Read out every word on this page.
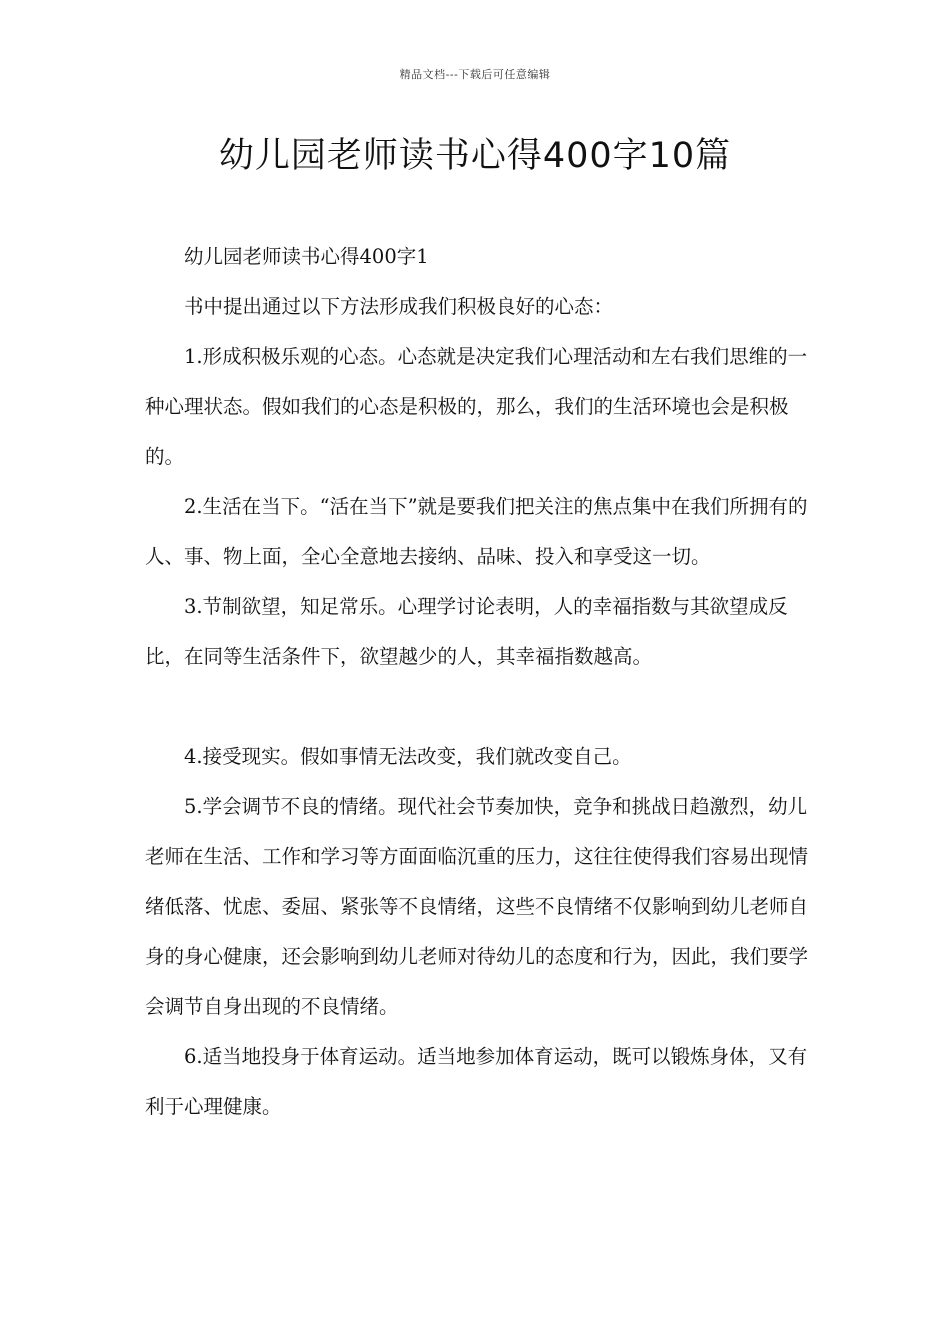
精品文档---下载后可任意编辑
幼儿园老师读书心得400字10篇

幼儿园老师读书心得400字1

书中提出通过以下方法形成我们积极良好的心态：

1.形成积极乐观的心态。心态就是决定我们心理活动和左右我们思维的一种心理状态。假如我们的心态是积极的，那么，我们的生活环境也会是积极的。

2.生活在当下。“活在当下”就是要我们把关注的焦点集中在我们所拥有的人、事、物上面，全心全意地去接纳、品味、投入和享受这一切。

3.节制欲望，知足常乐。心理学讨论表明，人的幸福指数与其欲望成反比，在同等生活条件下，欲望越少的人，其幸福指数越高。

4.接受现实。假如事情无法改变，我们就改变自己。

5.学会调节不良的情绪。现代社会节奏加快，竞争和挑战日趋激烈，幼儿老师在生活、工作和学习等方面面临沉重的压力，这往往使得我们容易出现情绪低落、忧虑、委屈、紧张等不良情绪，这些不良情绪不仅影响到幼儿老师自身的身心健康，还会影响到幼儿老师对待幼儿的态度和行为，因此，我们要学会调节自身出现的不良情绪。

6.适当地投身于体育运动。适当地参加体育运动，既可以锻炼身体，又有利于心理健康。
